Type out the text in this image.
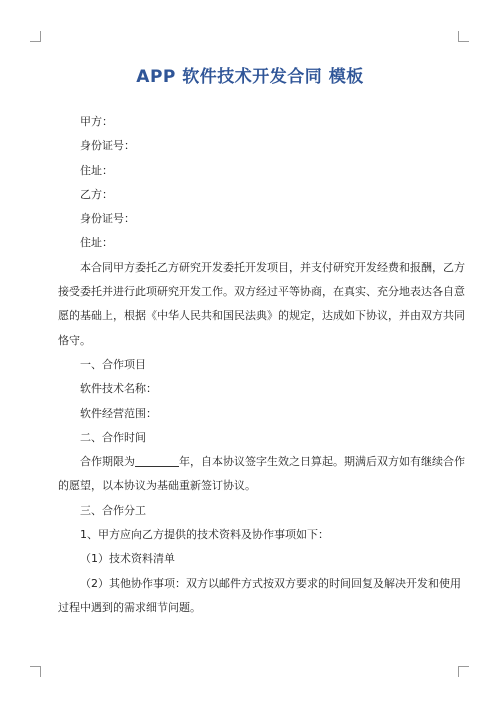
APP 软件技术开发合同 模板
甲方：
身份证号：
住址：
乙方：
身份证号：
住址：
本合同甲方委托乙方研究开发委托开发项目，并支付研究开发经费和报酬，乙方
接受委托并进行此项研究开发工作。双方经过平等协商，在真实、充分地表达各自意
愿的基础上，根据《中华人民共和国民法典》的规定，达成如下协议，并由双方共同
恪守。
一、合作项目
软件技术名称：
软件经营范围：
二、合作时间
合作期限为	年，自本协议签字生效之日算起。期满后双方如有继续合作
的愿望，以本协议为基础重新签订协议。
三、合作分工
1、甲方应向乙方提供的技术资料及协作事项如下：
（1）技术资料清单
（2）其他协作事项：双方以邮件方式按双方要求的时间回复及解决开发和使用
过程中遇到的需求细节问题。
